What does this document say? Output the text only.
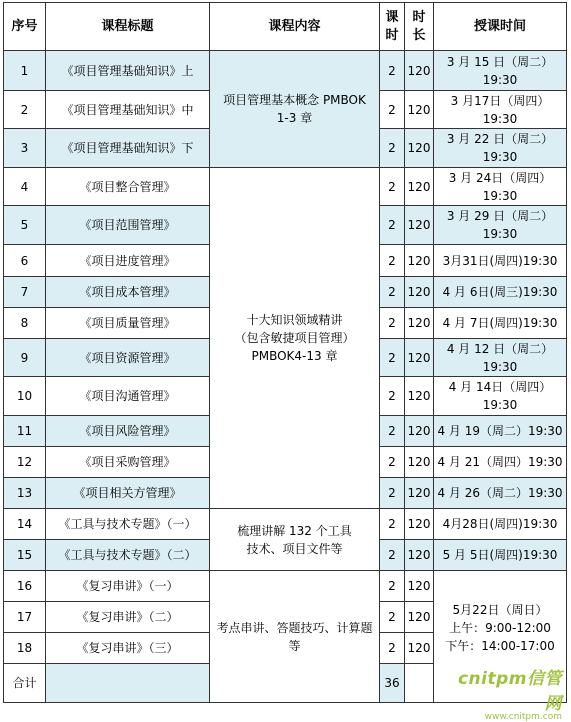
序号	课程标题	课程内容	课时	时长	授课时间
1	《项目管理基础知识》上	项目管理基本概念 PMBOK 1-3 章	2	120	3 月 15 日（周二）19:30
2	《项目管理基础知识》中		2	120	3 月17日（周四）19:30
3	《项目管理基础知识》下		2	120	3 月 22 日（周二）19:30
4	《项目整合管理》	十大知识领域精讲
（包含敏捷项目管理）
PMBOK4-13 章	2	120	3 月 24日（周四）19:30
5	《项目范围管理》		2	120	3 月 29 日（周二）19:30
6	《项目进度管理》		2	120	3月31日(周四)19:30
7	《项目成本管理》		2	120	4 月 6日(周三)19:30
8	《项目质量管理》		2	120	4 月 7日(周四)19:30
9	《项目资源管理》		2	120	4 月 12 日（周二）19:30
10	《项目沟通管理》		2	120	4 月 14日（周四）19:30
11	《项目风险管理》		2	120	4 月 19（周二）19:30
12	《项目采购管理》		2	120	4 月 21（周四）19:30
13	《项目相关方管理》		2	120	4 月 26（周二）19:30
14	《工具与技术专题》（一）	梳理讲解 132 个工具
技术、项目文件等	2	120	4月28日(周四)19:30
15	《工具与技术专题》（二）		2	120	5 月 5日(周四)19:30
16	《复习串讲》（一）	考点串讲、答题技巧、计算题等	2	120	5月22日（周日）
上午：9:00-12:00
下午：14:00-17:00

17	《复习串讲》（二）		2	120	
18	《复习串讲》（三）		2	120	
合计			36			cnitpm信管网
www.cnitpm.com
